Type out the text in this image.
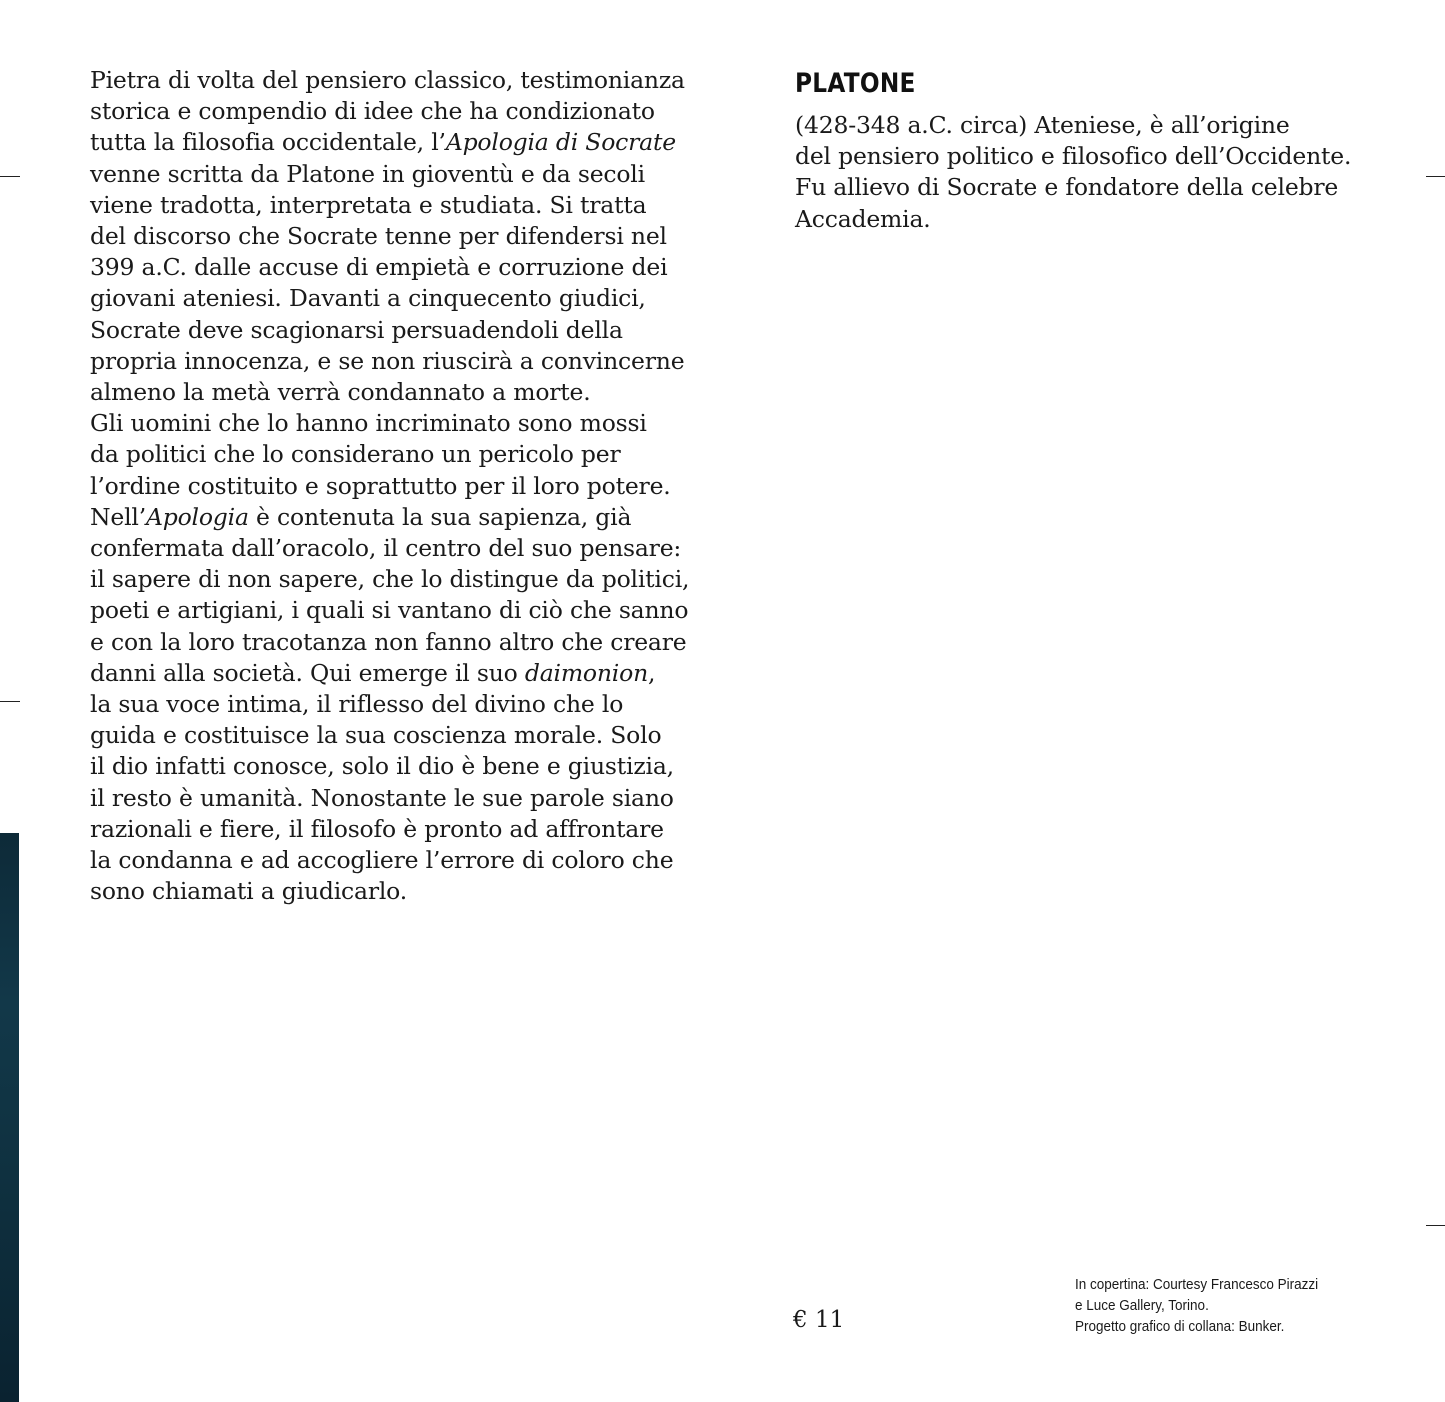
Pietra di volta del pensiero classico, testimonianza
storica e compendio di idee che ha condizionato
tutta la filosofia occidentale, l’Apologia di Socrate
venne scritta da Platone in gioventù e da secoli
viene tradotta, interpretata e studiata. Si tratta
del discorso che Socrate tenne per difendersi nel
399 a.C. dalle accuse di empietà e corruzione dei
giovani ateniesi. Davanti a cinquecento giudici,
Socrate deve scagionarsi persuadendoli della
propria innocenza, e se non riuscirà a convincerne
almeno la metà verrà condannato a morte.
Gli uomini che lo hanno incriminato sono mossi
da politici che lo considerano un pericolo per
l’ordine costituito e soprattutto per il loro potere.
Nell’Apologia è contenuta la sua sapienza, già
confermata dall’oracolo, il centro del suo pensare:
il sapere di non sapere, che lo distingue da politici,
poeti e artigiani, i quali si vantano di ciò che sanno
e con la loro tracotanza non fanno altro che creare
danni alla società. Qui emerge il suo daimonion,
la sua voce intima, il riflesso del divino che lo
guida e costituisce la sua coscienza morale. Solo
il dio infatti conosce, solo il dio è bene e giustizia,
il resto è umanità. Nonostante le sue parole siano
razionali e fiere, il filosofo è pronto ad affrontare
la condanna e ad accogliere l’errore di coloro che
sono chiamati a giudicarlo.
PLATONE
(428-348 a.C. circa) Ateniese, è all’origine
del pensiero politico e filosofico dell’Occidente.
Fu allievo di Socrate e fondatore della celebre
Accademia.
€ 11
In copertina: Courtesy Francesco Pirazzi
e Luce Gallery, Torino.
Progetto grafico di collana: Bunker.
